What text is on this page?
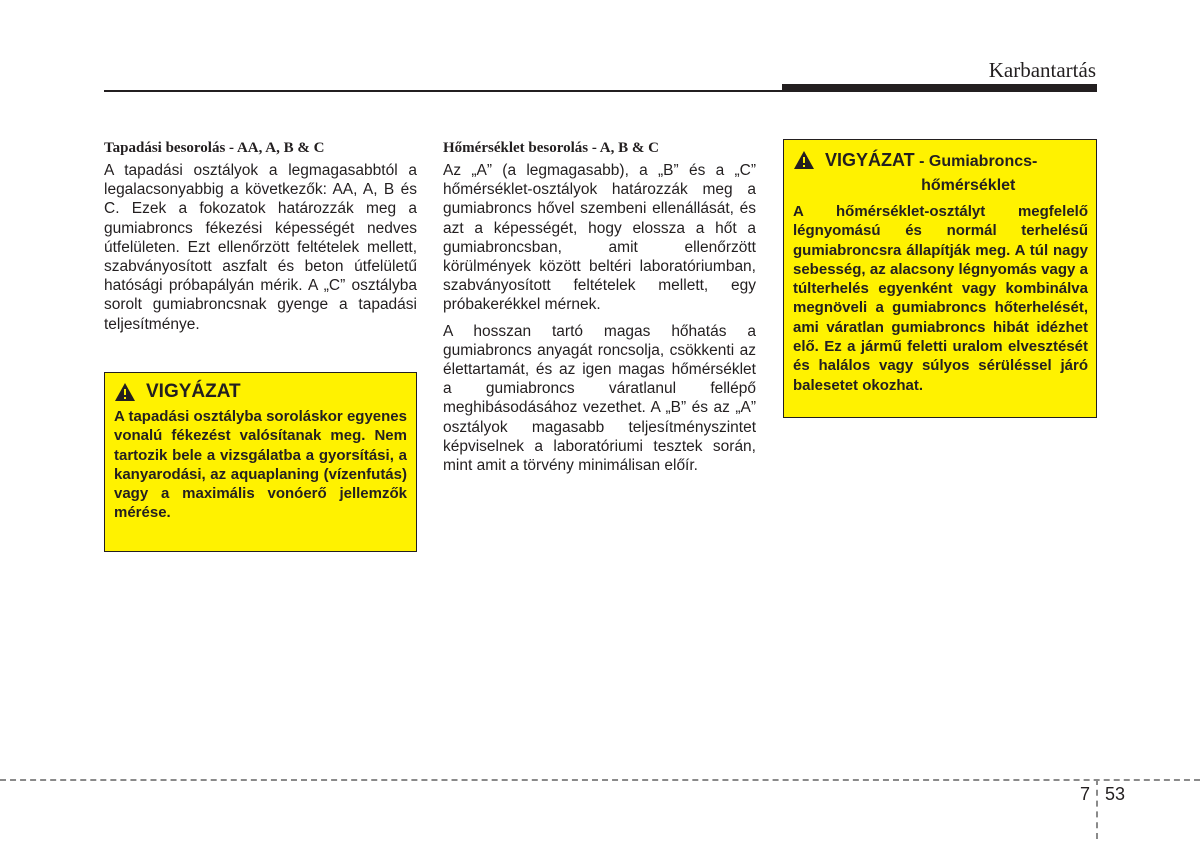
Karbantartás
Tapadási besorolás - AA, A, B & C
A tapadási osztályok a legmagasabbtól a legalacsonyabbig a következők: AA, A, B és C. Ezek a fokozatok határozzák meg a gumiabroncs fékezési képességét nedves útfelületen. Ezt ellenőrzött feltételek mellett, szabványosított aszfalt és beton útfelületű hatósági próbapályán mérik. A „C” osztályba sorolt gumiabroncsnak gyenge a tapadási teljesítménye.
VIGYÁZAT
A tapadási osztályba soroláskor egyenes vonalú fékezést valósítanak meg. Nem tartozik bele a vizsgálatba a gyorsítási, a kanyarodási, az aquaplaning (vízenfutás) vagy a maximális vonóerő jellemzők mérése.
Hőmérséklet besorolás - A, B & C
Az „A” (a legmagasabb), a „B” és a „C” hőmérséklet-osztályok határozzák meg a gumiabroncs hővel szembeni ellenállását, és azt a képességét, hogy elossza a hőt a gumiabroncsban, amit ellenőrzött körülmények között beltéri laboratóriumban, szabványosított feltételek mellett, egy próbakerékkel mérnek.
A hosszan tartó magas hőhatás a gumiabroncs anyagát roncsolja, csökkenti az élettartamát, és az igen magas hőmérséklet a gumiabroncs váratlanul fellépő meghibásodásához vezethet. A „B” és az „A” osztályok magasabb teljesítményszintet képviselnek a laboratóriumi tesztek során, mint amit a törvény minimálisan előír.
VIGYÁZAT - Gumiabroncs-
hőmérséklet
A hőmérséklet-osztályt megfelelő légnyomású és normál terhelésű gumiabroncsra állapítják meg. A túl nagy sebesség, az alacsony légnyomás vagy a túlterhelés egyenként vagy kombinálva megnöveli a gumiabroncs hőterhelését, ami váratlan gumiabroncs hibát idézhet elő. Ez a jármű feletti uralom elvesztését és halálos vagy súlyos sérüléssel járó balesetet okozhat.
7 53
